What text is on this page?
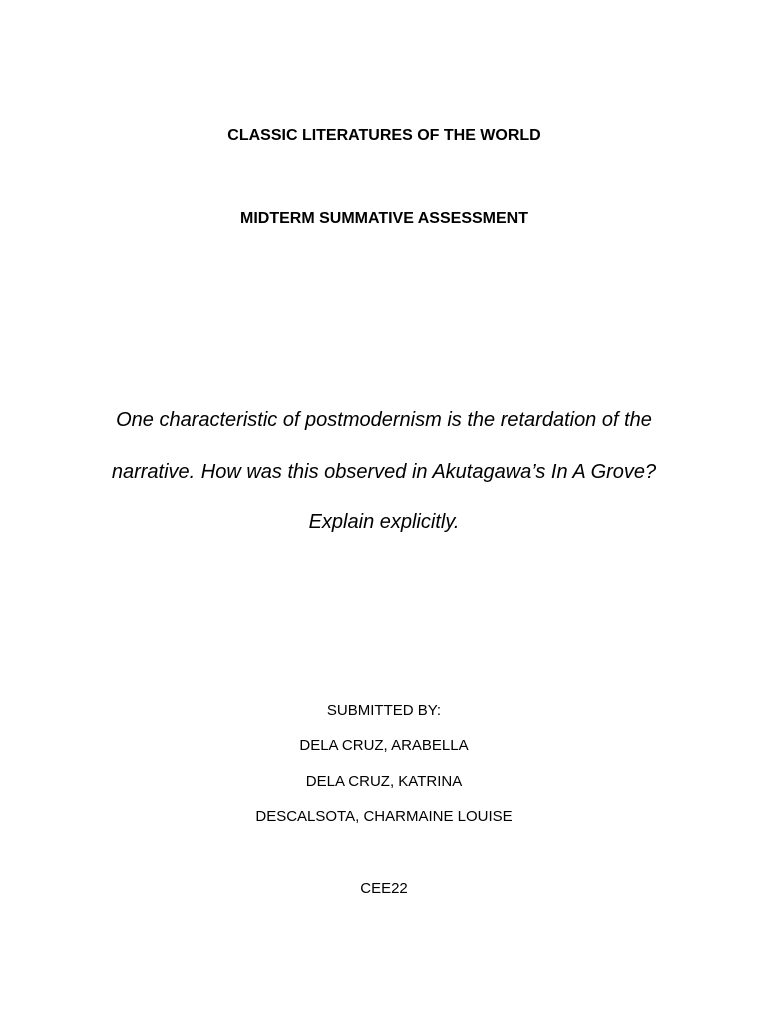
CLASSIC LITERATURES OF THE WORLD
MIDTERM SUMMATIVE ASSESSMENT
One characteristic of postmodernism is the retardation of the
narrative. How was this observed in Akutagawa’s In A Grove?
Explain explicitly.
SUBMITTED BY:
DELA CRUZ, ARABELLA
DELA CRUZ, KATRINA
DESCALSOTA, CHARMAINE LOUISE
CEE22
